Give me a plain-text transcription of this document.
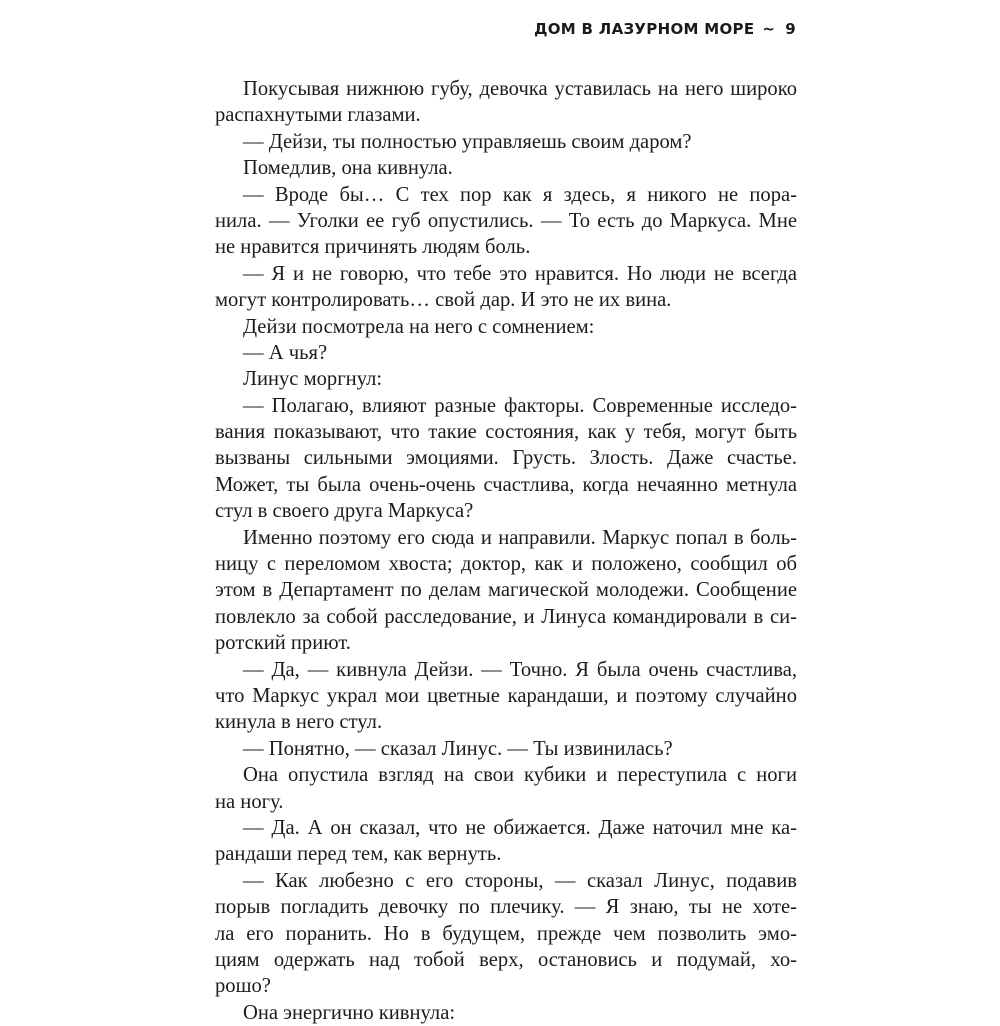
ДОМ В ЛАЗУРНОМ МОРЕ ~ 9
Покусывая нижнюю губу, девочка уставилась на него широко
распахнутыми глазами.
— Дейзи, ты полностью управляешь своим даром?
Помедлив, она кивнула.
— Вроде бы… С тех пор как я здесь, я никого не пора-
нила. — Уголки ее губ опустились. — То есть до Маркуса. Мне
не нравится причинять людям боль.
— Я и не говорю, что тебе это нравится. Но люди не всегда
могут контролировать… свой дар. И это не их вина.
Дейзи посмотрела на него с сомнением:
— А чья?
Линус моргнул:
— Полагаю, влияют разные факторы. Современные исследо-
вания показывают, что такие состояния, как у тебя, могут быть
вызваны сильными эмоциями. Грусть. Злость. Даже счастье.
Может, ты была очень-очень счастлива, когда нечаянно метнула
стул в своего друга Маркуса?
Именно поэтому его сюда и направили. Маркус попал в боль-
ницу с переломом хвоста; доктор, как и положено, сообщил об
этом в Департамент по делам магической молодежи. Сообщение
повлекло за собой расследование, и Линуса командировали в си-
ротский приют.
— Да, — кивнула Дейзи. — Точно. Я была очень счастлива,
что Маркус украл мои цветные карандаши, и поэтому случайно
кинула в него стул.
— Понятно, — сказал Линус. — Ты извинилась?
Она опустила взгляд на свои кубики и переступила с ноги
на ногу.
— Да. А он сказал, что не обижается. Даже наточил мне ка-
рандаши перед тем, как вернуть.
— Как любезно с его стороны, — сказал Линус, подавив
порыв погладить девочку по плечику. — Я знаю, ты не хоте-
ла его поранить. Но в будущем, прежде чем позволить эмо-
циям одержать над тобой верх, остановись и подумай, хо-
рошо?
Она энергично кивнула:
